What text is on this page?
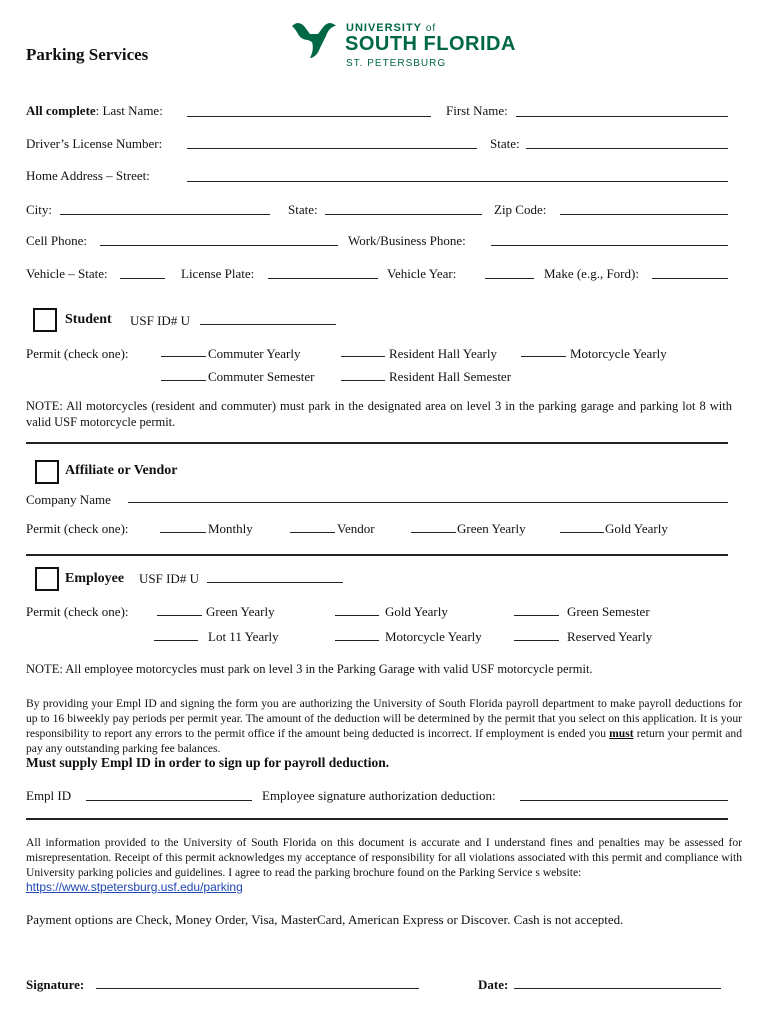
Parking Services
UNIVERSITY of
SOUTH FLORIDA
ST. PETERSBURG
All complete: Last Name:	First Name:
Driver’s License Number:	State:
Home Address – Street:
City:	State:	Zip Code:
Cell Phone:	Work/Business Phone:
Vehicle – State:	License Plate:	Vehicle Year:	Make (e.g., Ford):
Student USF ID# U
Permit (check one):	Commuter Yearly	Resident Hall Yearly	Motorcycle Yearly
Commuter Semester	Resident Hall Semester
NOTE: All motorcycles (resident and commuter) must park in the designated area on level 3 in the parking garage and parking lot 8 with valid USF motorcycle permit.
Affiliate or Vendor
Company Name
Permit (check one):	Monthly	Vendor	Green Yearly	Gold Yearly
Employee USF ID# U
Permit (check one):	Green Yearly	Gold Yearly	Green Semester
Lot 11 Yearly	Motorcycle Yearly	Reserved Yearly
NOTE: All employee motorcycles must park on level 3 in the Parking Garage with valid USF motorcycle permit.
By providing your Empl ID and signing the form you are authorizing the University of South Florida payroll department to make payroll deductions for up to 16 biweekly pay periods per permit year. The amount of the deduction will be determined by the permit that you select on this application. It is your responsibility to report any errors to the permit office if the amount being deducted is incorrect. If employment is ended you must return your permit and pay any outstanding parking fee balances.
Must supply Empl ID in order to sign up for payroll deduction.
Empl ID	Employee signature authorization deduction:
All information provided to the University of South Florida on this document is accurate and I understand fines and penalties may be assessed for misrepresentation. Receipt of this permit acknowledges my acceptance of responsibility for all violations associated with this permit and compliance with University parking policies and guidelines. I agree to read the parking brochure found on the Parking Service s website:
https://www.stpetersburg.usf.edu/parking
Payment options are Check, Money Order, Visa, MasterCard, American Express or Discover. Cash is not accepted.
Signature:	Date:
